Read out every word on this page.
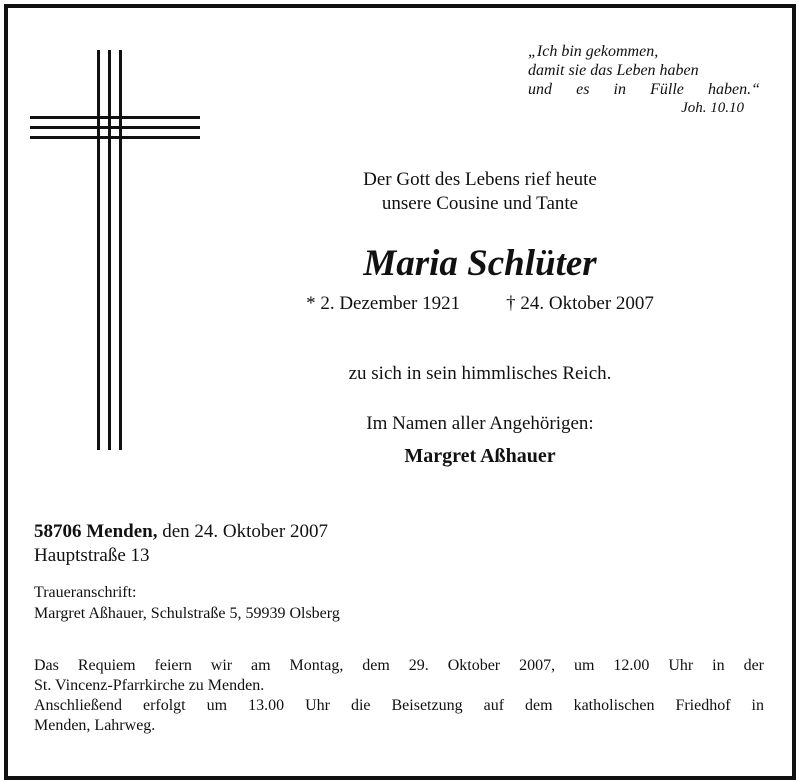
„Ich bin gekommen,
damit sie das Leben haben
und es in Fülle haben.“
Joh. 10.10
Der Gott des Lebens rief heute
unsere Cousine und Tante
Maria Schlüter
* 2. Dezember 1921 † 24. Oktober 2007
zu sich in sein himmlisches Reich.
Im Namen aller Angehörigen:
Margret Aßhauer
58706 Menden, den 24. Oktober 2007
Hauptstraße 13
Traueranschrift:
Margret Aßhauer, Schulstraße 5, 59939 Olsberg
Das Requiem feiern wir am Montag, dem 29. Oktober 2007, um 12.00 Uhr in der
St. Vincenz-Pfarrkirche zu Menden.
Anschließend erfolgt um 13.00 Uhr die Beisetzung auf dem katholischen Friedhof in
Menden, Lahrweg.
